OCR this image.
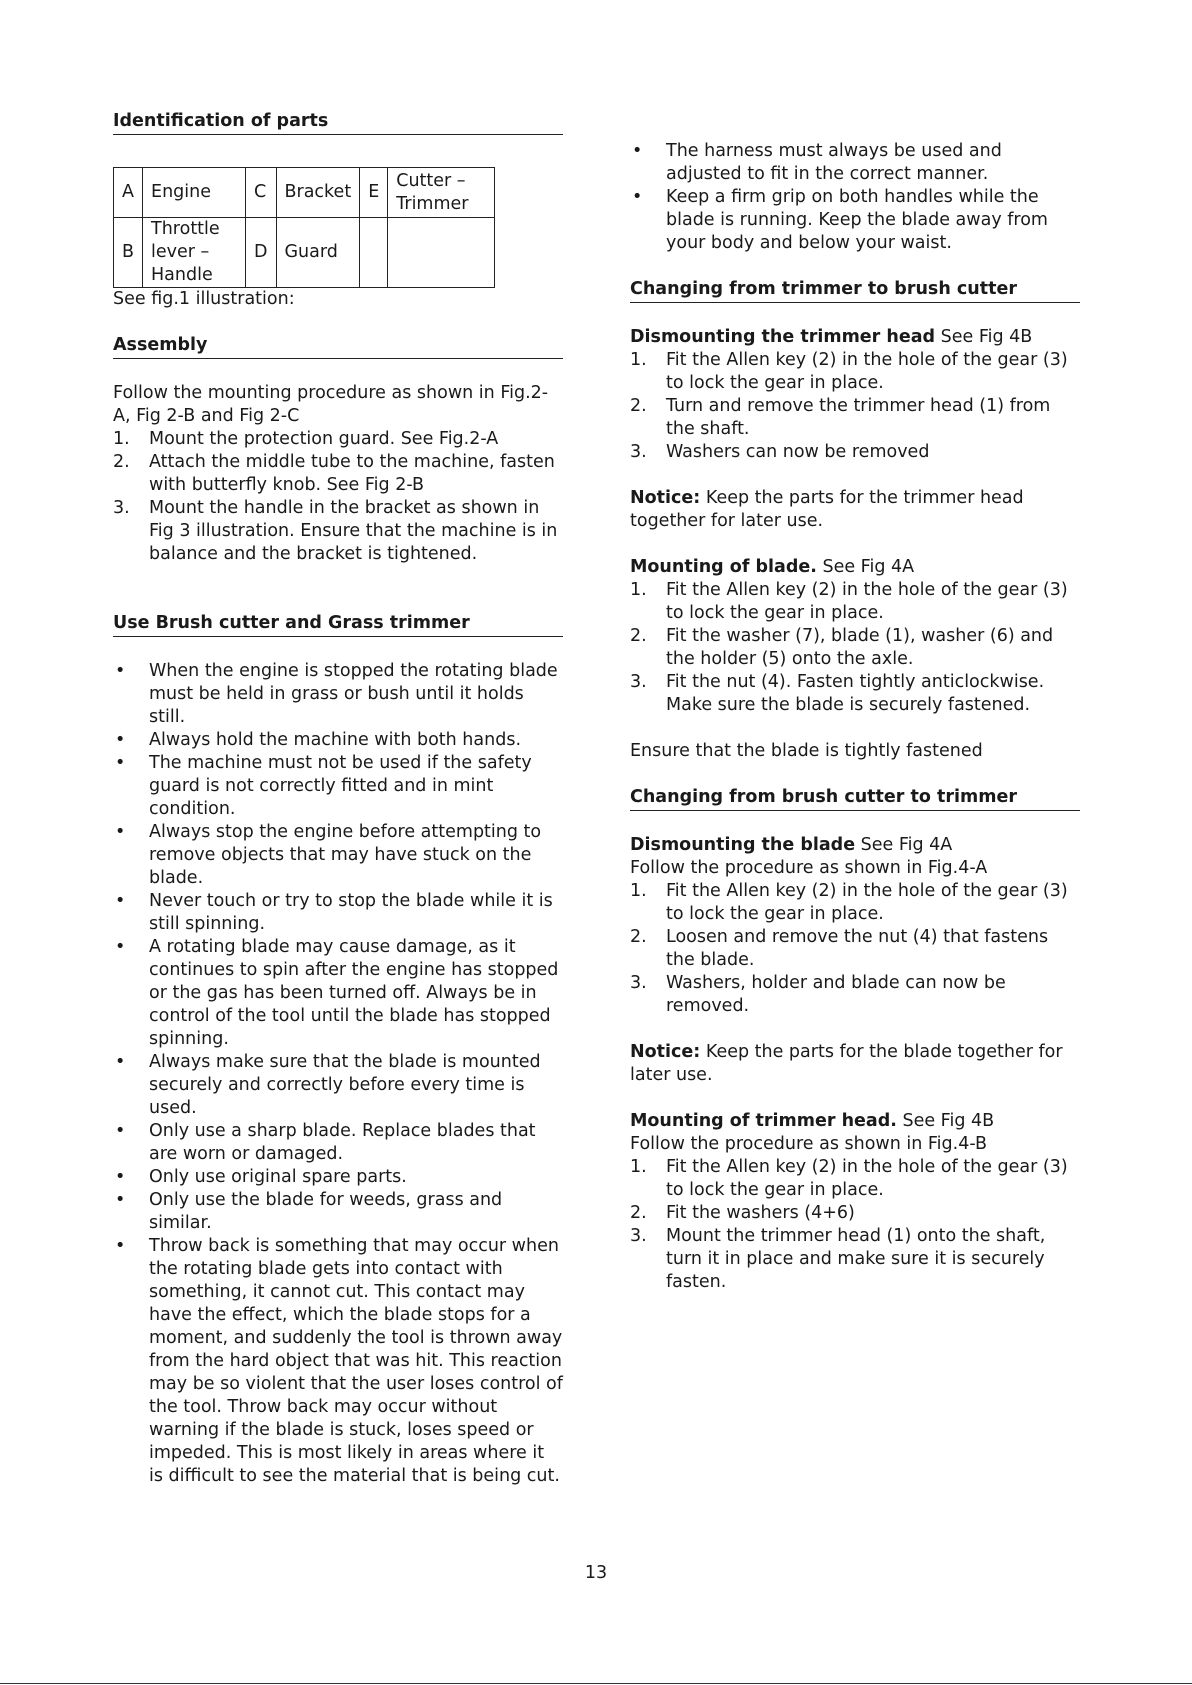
Identification of parts

A	Engine	C	Bracket	E	Cutter – Trimmer
B	Throttle lever – Handle	D	Guard		

See fig.1 illustration:

Assembly

Follow the mounting procedure as shown in Fig.2-A, Fig 2-B and Fig 2-C

1.	Mount the protection guard. See Fig.2-A
2.	Attach the middle tube to the machine, fasten with butterfly knob. See Fig 2-B
3.	Mount the handle in the bracket as shown in Fig 3 illustration. Ensure that the machine is in balance and the bracket is tightened.

Use Brush cutter and Grass trimmer

•	When the engine is stopped the rotating blade must be held in grass or bush until it holds still.
•	Always hold the machine with both hands.
•	The machine must not be used if the safety guard is not correctly fitted and in mint condition.
•	Always stop the engine before attempting to remove objects that may have stuck on the blade.
•	Never touch or try to stop the blade while it is still spinning.
•	A rotating blade may cause damage, as it continues to spin after the engine has stopped or the gas has been turned off. Always be in control of the tool until the blade has stopped spinning.
•	Always make sure that the blade is mounted securely and correctly before every time is used.
•	Only use a sharp blade. Replace blades that are worn or damaged.
•	Only use original spare parts.
•	Only use the blade for weeds, grass and similar.
•	Throw back is something that may occur when the rotating blade gets into contact with something, it cannot cut. This contact may have the effect, which the blade stops for a moment, and suddenly the tool is thrown away from the hard object that was hit. This reaction may be so violent that the user loses control of the tool. Throw back may occur without warning if the blade is stuck, loses speed or impeded. This is most likely in areas where it is difficult to see the material that is being cut.
•	The harness must always be used and adjusted to fit in the correct manner.
•	Keep a firm grip on both handles while the blade is running. Keep the blade away from your body and below your waist.

Changing from trimmer to brush cutter

Dismounting the trimmer head See Fig 4B

1.	Fit the Allen key (2) in the hole of the gear (3) to lock the gear in place.
2.	Turn and remove the trimmer head (1) from the shaft.
3.	Washers can now be removed

Notice: Keep the parts for the trimmer head together for later use.

Mounting of blade. See Fig 4A

1.	Fit the Allen key (2) in the hole of the gear (3) to lock the gear in place.
2.	Fit the washer (7), blade (1), washer (6) and the holder (5) onto the axle.
3.	Fit the nut (4). Fasten tightly anticlockwise. Make sure the blade is securely fastened.

Ensure that the blade is tightly fastened

Changing from brush cutter to trimmer

Dismounting the blade See Fig 4A

Follow the procedure as shown in Fig.4-A

1.	Fit the Allen key (2) in the hole of the gear (3) to lock the gear in place.
2.	Loosen and remove the nut (4) that fastens the blade.
3.	Washers, holder and blade can now be removed.

Notice: Keep the parts for the blade together for later use.

Mounting of trimmer head. See Fig 4B

Follow the procedure as shown in Fig.4-B

1.	Fit the Allen key (2) in the hole of the gear (3) to lock the gear in place.
2.	Fit the washers (4+6)
3.	Mount the trimmer head (1) onto the shaft, turn it in place and make sure it is securely fasten.
13
